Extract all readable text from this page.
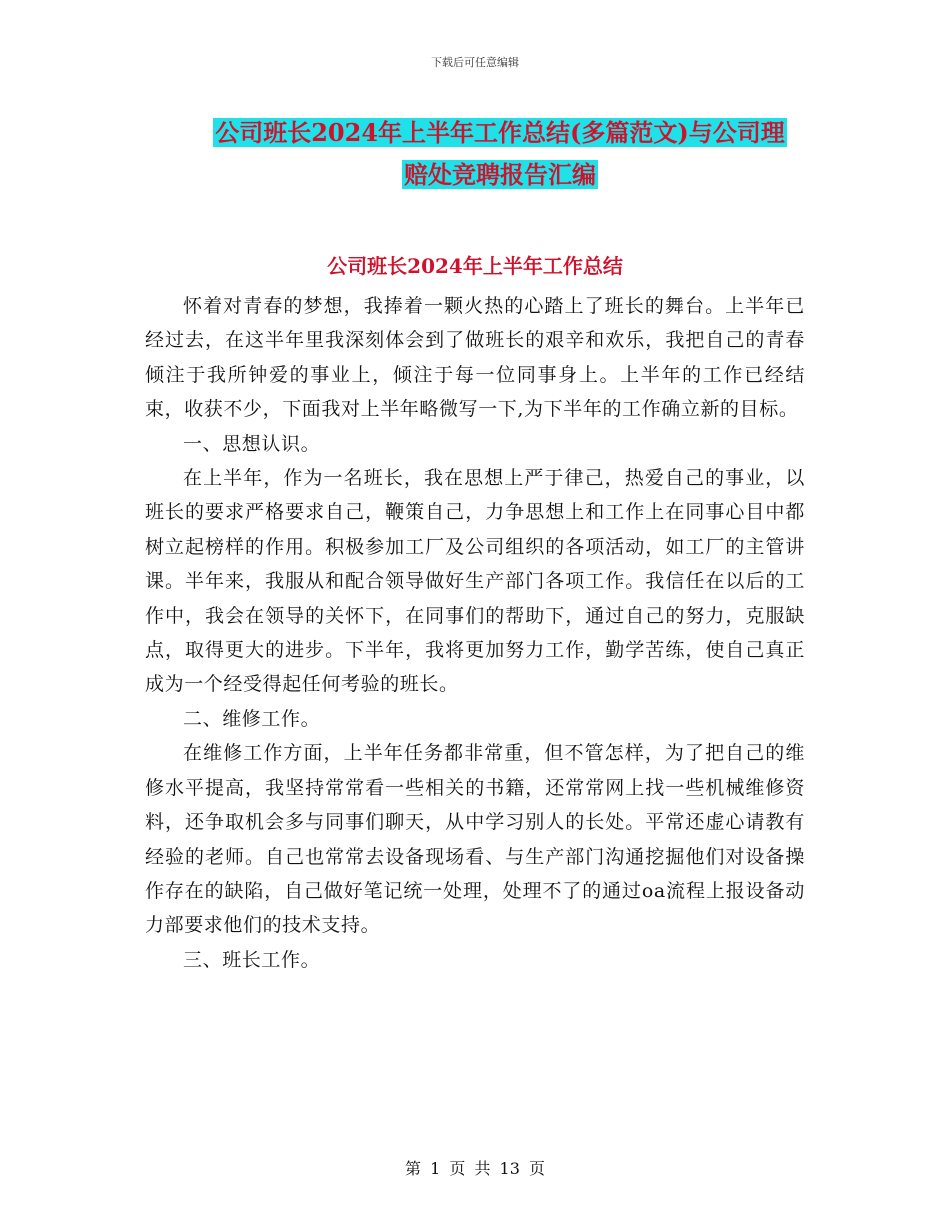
下载后可任意编辑
公司班长2024年上半年工作总结(多篇范文)与公司理
赔处竞聘报告汇编
公司班长2024年上半年工作总结

怀着对青春的梦想，我捧着一颗火热的心踏上了班长的舞台。上半年已经过去，在这半年里我深刻体会到了做班长的艰辛和欢乐，我把自己的青春倾注于我所钟爱的事业上，倾注于每一位同事身上。上半年的工作已经结束，收获不少，下面我对上半年略微写一下,为下半年的工作确立新的目标。

一、思想认识。

在上半年，作为一名班长，我在思想上严于律己，热爱自己的事业，以班长的要求严格要求自己，鞭策自己，力争思想上和工作上在同事心目中都树立起榜样的作用。积极参加工厂及公司组织的各项活动，如工厂的主管讲课。半年来，我服从和配合领导做好生产部门各项工作。我信任在以后的工作中，我会在领导的关怀下，在同事们的帮助下，通过自己的努力，克服缺点，取得更大的进步。下半年，我将更加努力工作，勤学苦练，使自己真正成为一个经受得起任何考验的班长。

二、维修工作。

在维修工作方面，上半年任务都非常重，但不管怎样，为了把自己的维修水平提高，我坚持常常看一些相关的书籍，还常常网上找一些机械维修资料，还争取机会多与同事们聊天，从中学习别人的长处。平常还虚心请教有经验的老师。自己也常常去设备现场看、与生产部门沟通挖掘他们对设备操作存在的缺陷，自己做好笔记统一处理，处理不了的通过oa流程上报设备动力部要求他们的技术支持。

三、班长工作。

第 1 页 共 13 页
